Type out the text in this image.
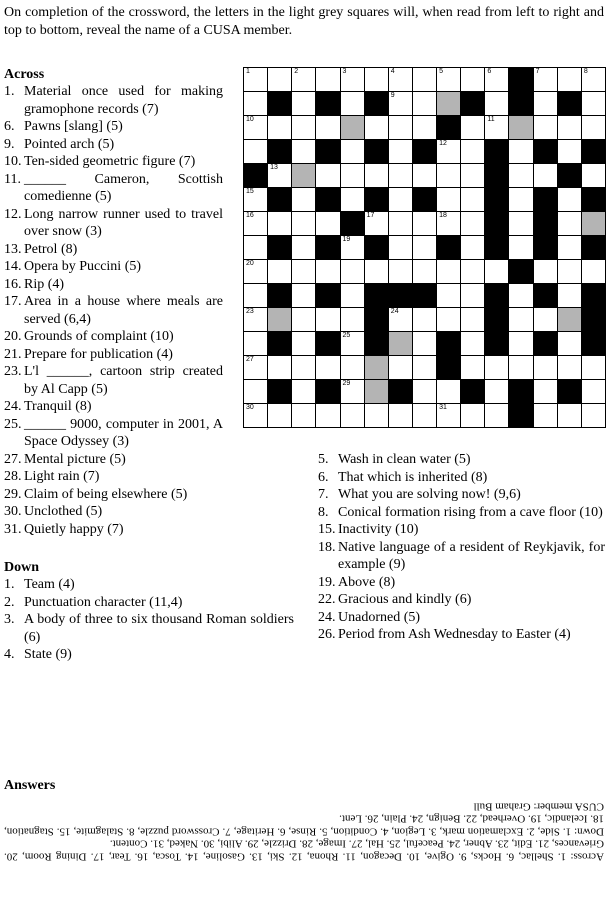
On completion of the crossword, the letters in the light grey squares will, when read from left to right and top to bottom, reveal the name of a CUSA member.
Across
1. Material once used for making gramophone records (7)
6. Pawns [slang] (5)
9. Pointed arch (5)
10. Ten-sided geometric figure (7)
11. ______ Cameron, Scottish comedienne (5)
12. Long narrow runner used to travel over snow (3)
13. Petrol (8)
14. Opera by Puccini (5)
16. Rip (4)
17. Area in a house where meals are served (6,4)
20. Grounds of complaint (10)
21. Prepare for publication (4)
23. L'l ______, cartoon strip created by Al Capp (5)
24. Tranquil (8)
25. ______ 9000, computer in 2001, A Space Odyssey (3)
27. Mental picture (5)
28. Light rain (7)
29. Claim of being elsewhere (5)
30. Unclothed (5)
31. Quietly happy (7)
Down
1. Team (4)
2. Punctuation character (11,4)
3. A body of three to six thousand Roman soldiers (6)
4. State (9)
5. Wash in clean water (5)
6. That which is inherited (8)
7. What you are solving now! (9,6)
8. Conical formation rising from a cave floor (10)
15. Inactivity (10)
18. Native language of a resident of Reykjavik, for example (9)
19. Above (8)
22. Gracious and kindly (6)
24. Unadorned (5)
26. Period from Ash Wednesday to Easter (4)
1	2	3	4	5	6	7	8
9
10	11
12
13	14
15
16	17	18
19
20	21
22
23	24
25	26
27	28
29
30	31
Answers

Across: 1. Shellac, 6. Hocks, 9. Ogive, 10. Decagon, 11. Rhona, 12. Ski, 13. Gasoline, 14. Tosca, 16. Tear, 17. Dining Room, 20. Grievances, 21. Edit, 23. Abner, 24. Peaceful, 25. Hal, 27. Image, 28. Drizzle, 29. Alibi, 30. Naked, 31. Content.

Down: 1. Side, 2. Exclamation mark, 3. Legion, 4. Condition, 5. Rinse, 6. Heritage, 7. Crossword puzzle, 8. Stalagmite, 15. Stagnation, 18. Icelandic, 19. Overhead, 22. Benign, 24. Plain, 26. Lent.

CUSA member: Graham Bull
